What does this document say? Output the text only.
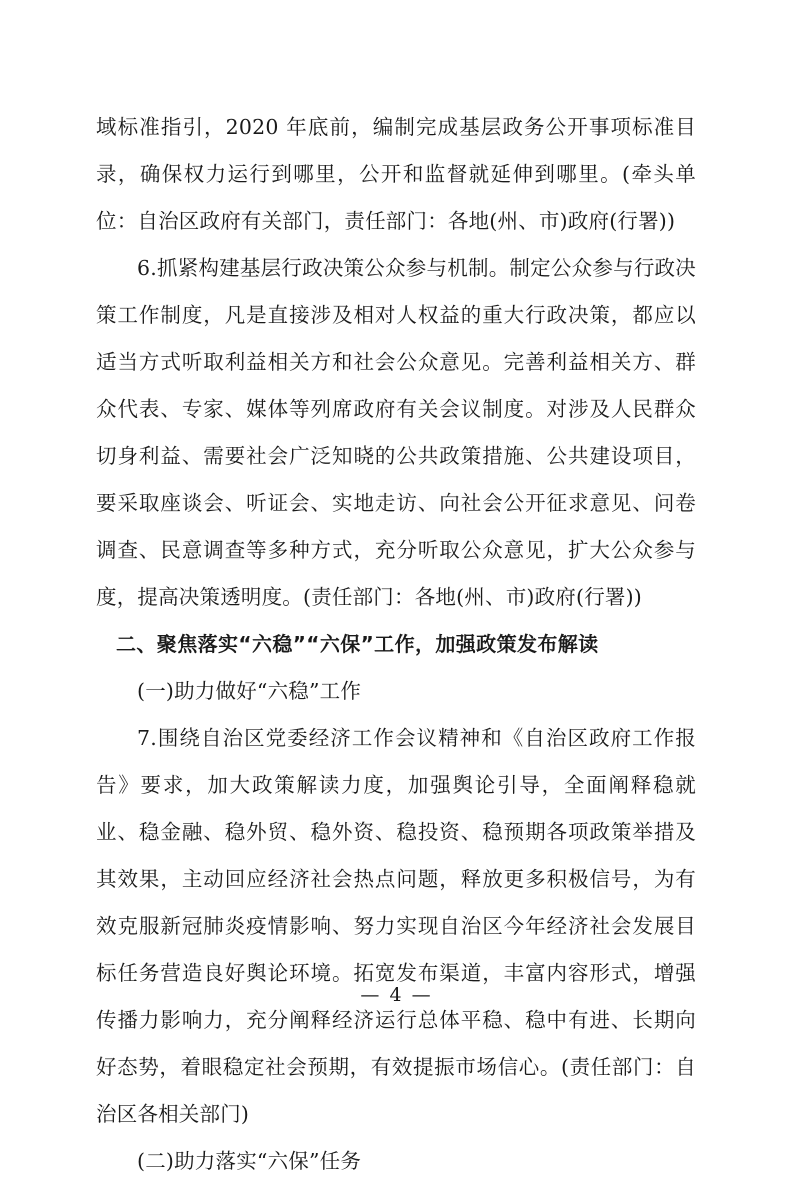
域标准指引，2020 年底前，编制完成基层政务公开事项标准目录，确保权力运行到哪里，公开和监督就延伸到哪里。(牵头单位：自治区政府有关部门，责任部门：各地(州、市)政府(行署))

6.抓紧构建基层行政决策公众参与机制。制定公众参与行政决策工作制度，凡是直接涉及相对人权益的重大行政决策，都应以适当方式听取利益相关方和社会公众意见。完善利益相关方、群众代表、专家、媒体等列席政府有关会议制度。对涉及人民群众切身利益、需要社会广泛知晓的公共政策措施、公共建设项目，要采取座谈会、听证会、实地走访、向社会公开征求意见、问卷调查、民意调查等多种方式，充分听取公众意见，扩大公众参与度，提高决策透明度。(责任部门：各地(州、市)政府(行署))

二、聚焦落实“六稳”“六保”工作，加强政策发布解读

(一)助力做好“六稳”工作

7.围绕自治区党委经济工作会议精神和《自治区政府工作报告》要求，加大政策解读力度，加强舆论引导，全面阐释稳就业、稳金融、稳外贸、稳外资、稳投资、稳预期各项政策举措及其效果，主动回应经济社会热点问题，释放更多积极信号，为有效克服新冠肺炎疫情影响、努力实现自治区今年经济社会发展目标任务营造良好舆论环境。拓宽发布渠道，丰富内容形式，增强传播力影响力，充分阐释经济运行总体平稳、稳中有进、长期向好态势，着眼稳定社会预期，有效提振市场信心。(责任部门：自治区各相关部门)

(二)助力落实“六保”任务

— 4 —
